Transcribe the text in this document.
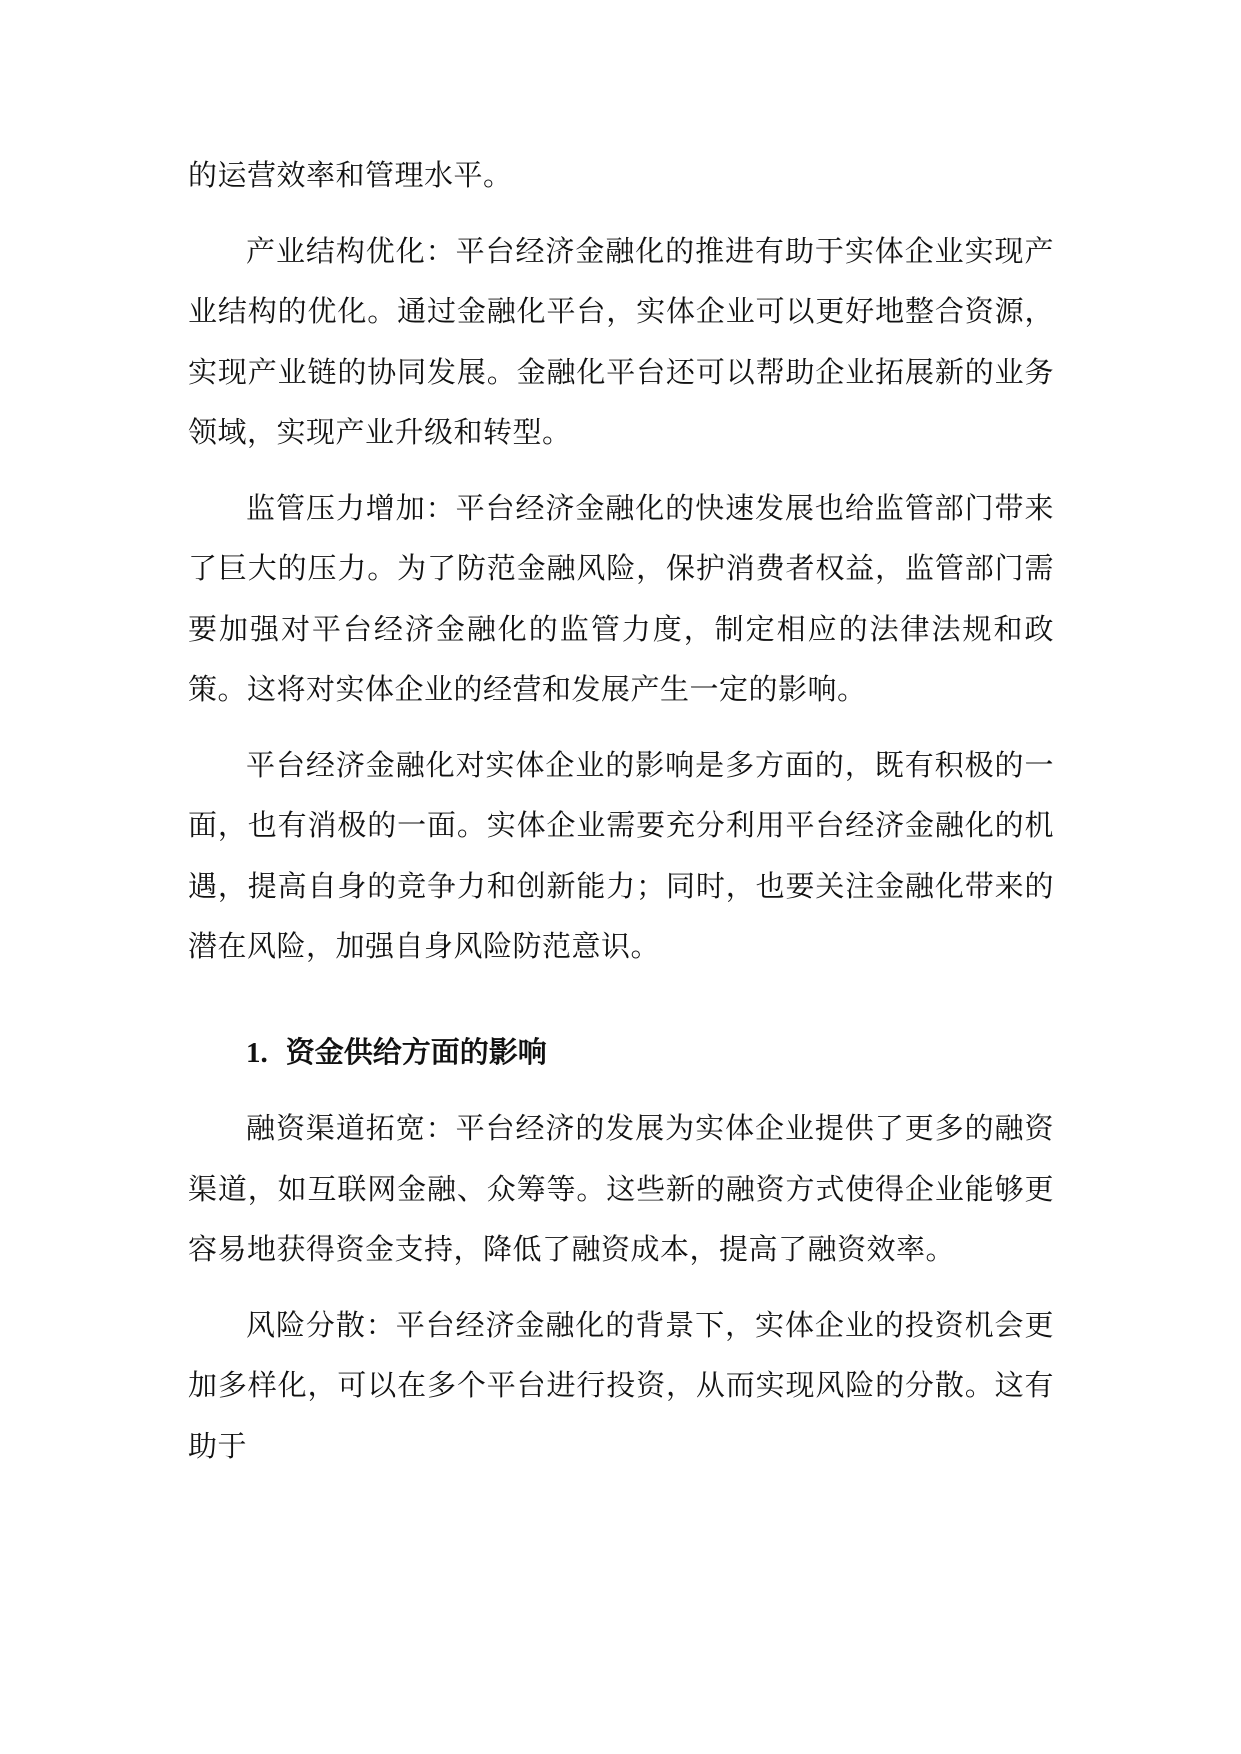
的运营效率和管理水平。

产业结构优化：平台经济金融化的推进有助于实体企业实现产业结构的优化。通过金融化平台，实体企业可以更好地整合资源，实现产业链的协同发展。金融化平台还可以帮助企业拓展新的业务领域，实现产业升级和转型。

监管压力增加：平台经济金融化的快速发展也给监管部门带来了巨大的压力。为了防范金融风险，保护消费者权益，监管部门需要加强对平台经济金融化的监管力度，制定相应的法律法规和政策。这将对实体企业的经营和发展产生一定的影响。

平台经济金融化对实体企业的影响是多方面的，既有积极的一面，也有消极的一面。实体企业需要充分利用平台经济金融化的机遇，提高自身的竞争力和创新能力；同时，也要关注金融化带来的潜在风险，加强自身风险防范意识。

1. 资金供给方面的影响

融资渠道拓宽：平台经济的发展为实体企业提供了更多的融资渠道，如互联网金融、众筹等。这些新的融资方式使得企业能够更容易地获得资金支持，降低了融资成本，提高了融资效率。

风险分散：平台经济金融化的背景下，实体企业的投资机会更加多样化，可以在多个平台进行投资，从而实现风险的分散。这有助于
